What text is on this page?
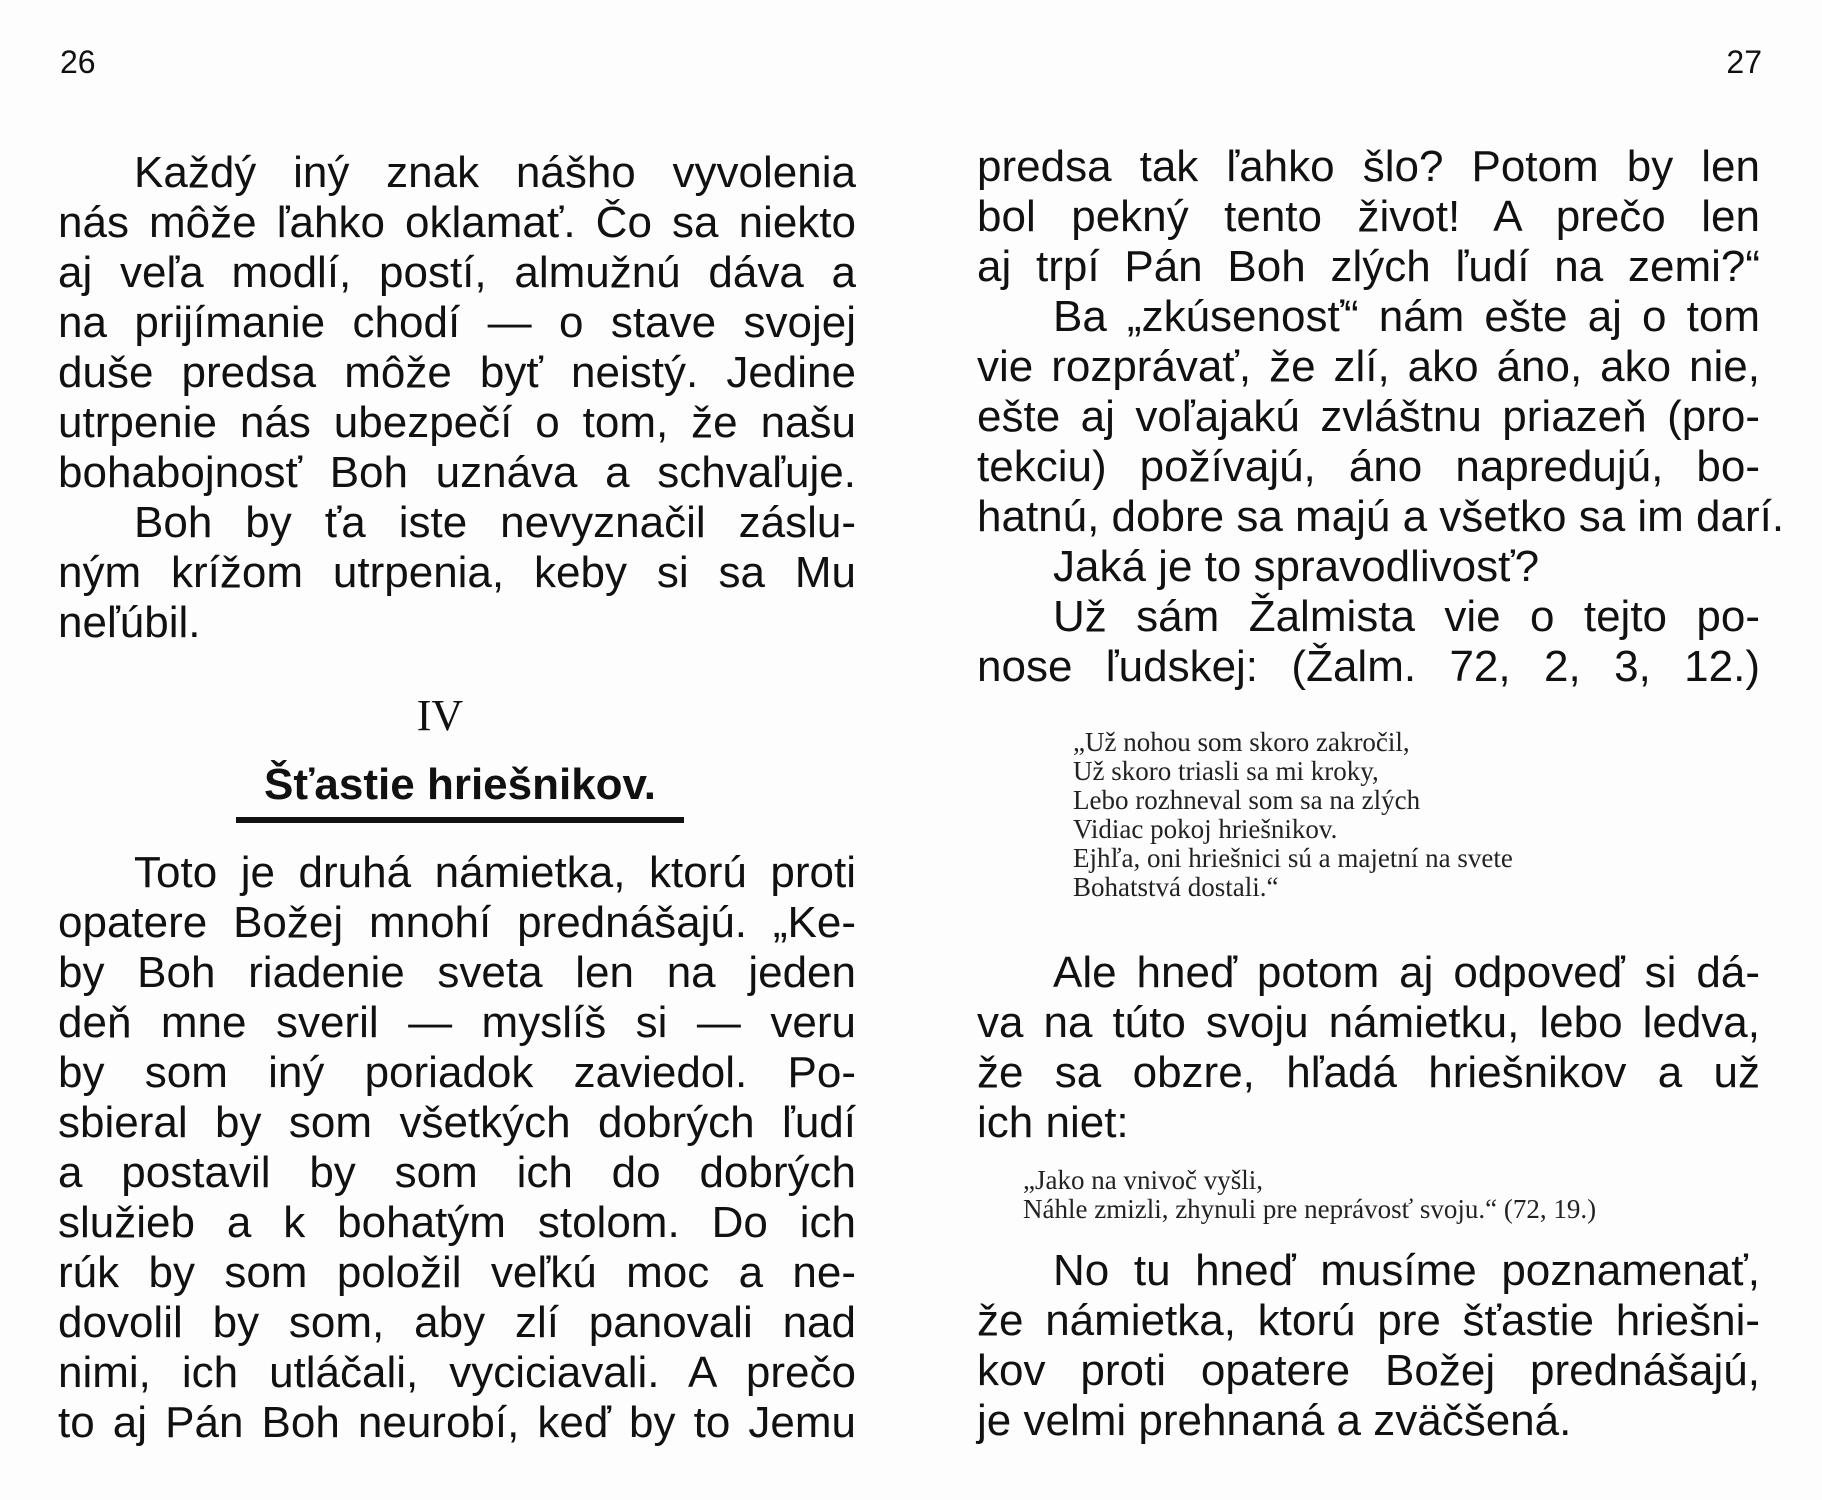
26
Každý iný znak nášho vyvolenia
nás môže ľahko oklamať. Čo sa niekto
aj veľa modlí, postí, almužnú dáva a
na prijímanie chodí — o stave svojej
duše predsa môže byť neistý. Jedine
utrpenie nás ubezpečí o tom, že našu
bohabojnosť Boh uznáva a schvaľuje.
Boh by ťa iste nevyznačil záslu-
ným krížom utrpenia, keby si sa Mu
neľúbil.
IV
Šťastie hriešnikov.
Toto je druhá námietka, ktorú proti
opatere Božej mnohí prednášajú. „Ke-
by Boh riadenie sveta len na jeden
deň mne sveril — myslíš si — veru
by som iný poriadok zaviedol. Po-
sbieral by som všetkých dobrých ľudí
a postavil by som ich do dobrých
služieb a k bohatým stolom. Do ich
rúk by som položil veľkú moc a ne-
dovolil by som, aby zlí panovali nad
nimi, ich utláčali, vyciciavali. A prečo
to aj Pán Boh neurobí, keď by to Jemu
27
predsa tak ľahko šlo? Potom by len
bol pekný tento život! A prečo len
aj trpí Pán Boh zlých ľudí na zemi?“
Ba „zkúsenosť“ nám ešte aj o tom
vie rozprávať, že zlí, ako áno, ako nie,
ešte aj voľajakú zvláštnu priazeň (pro-
tekciu) požívajú, áno napredujú, bo-
hatnú, dobre sa majú a všetko sa im darí.
Jaká je to spravodlivosť?
Už sám Žalmista vie o tejto po-
nose ľudskej: (Žalm. 72, 2, 3, 12.)
„Už nohou som skoro zakročil,
Už skoro triasli sa mi kroky,
Lebo rozhneval som sa na zlých
Vidiac pokoj hriešnikov.
Ejhľa, oni hriešnici sú a majetní na svete
Bohatstvá dostali.“
Ale hneď potom aj odpoveď si dá-
va na túto svoju námietku, lebo ledva,
že sa obzre, hľadá hriešnikov a už
ich niet:
„Jako na vnivoč vyšli,
Náhle zmizli, zhynuli pre neprávosť svoju.“ (72, 19.)
No tu hneď musíme poznamenať,
že námietka, ktorú pre šťastie hriešni-
kov proti opatere Božej prednášajú,
je velmi prehnaná a zväčšená.
